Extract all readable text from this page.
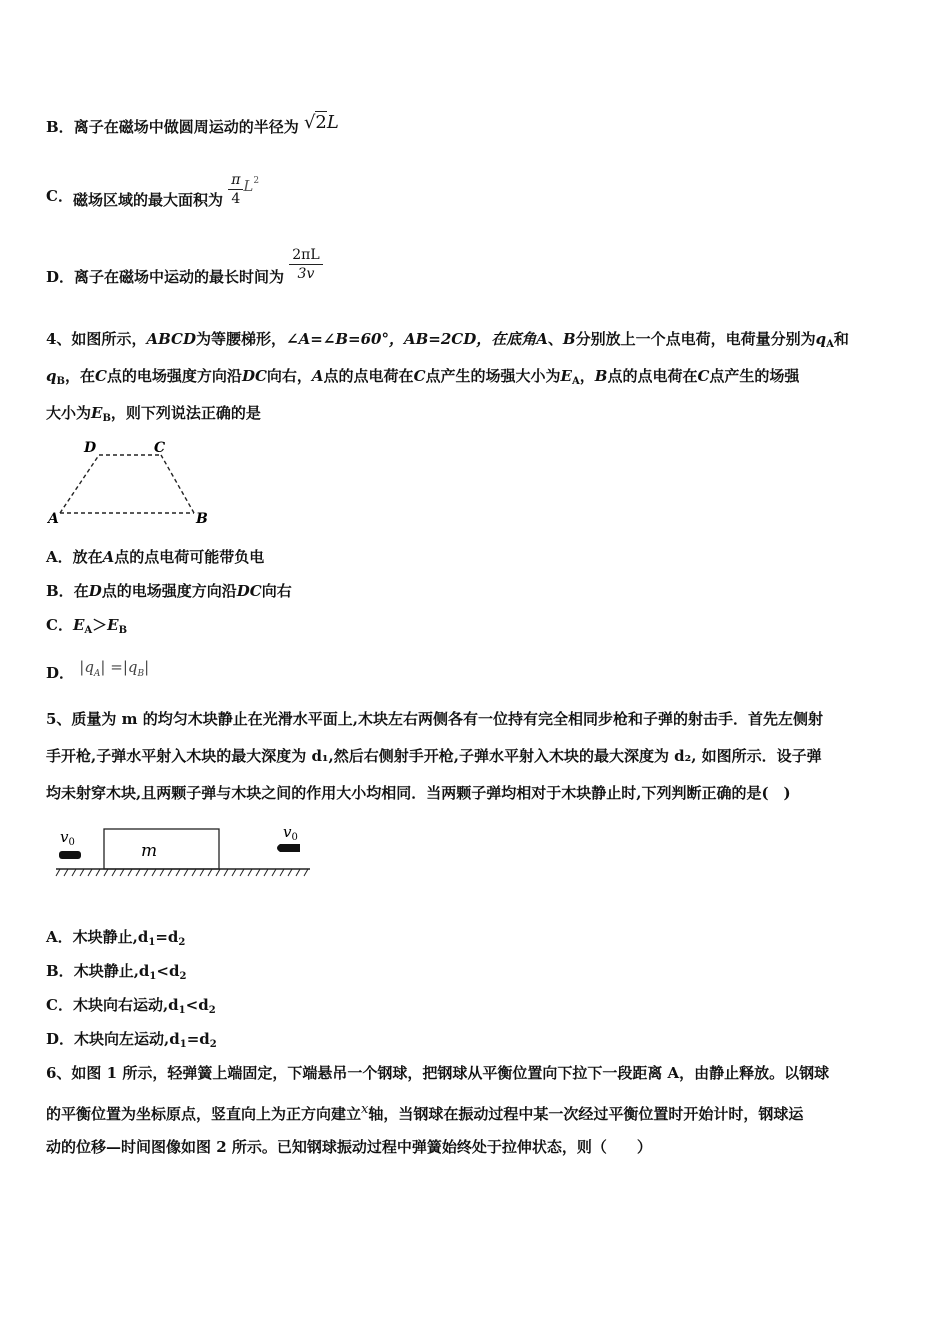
B．离子在磁场中做圆周运动的半径为 √2L
C．磁场区域的最大面积为 $\frac{\pi}{4} L^2$
D．离子在磁场中运动的最长时间为 $\frac{2\pi L}{3v}$
4、如图所示，ABCD为等腰梯形，∠A=∠B=60°，AB=2CD，在底角A、B分别放上一个点电荷，电荷量分别为$q_A$和
$q_B$，在C点的电场强度方向沿DC向右，A点的点电荷在C点产生的场强大小为$E_A$，B点的点电荷在C点产生的场强
大小为$E_B$，则下列说法正确的是
D	C
A	B
A．放在A点的点电荷可能带负电
B．在D点的电场强度方向沿DC向右
C．$E_A>E_B$
D． $|q_A| =|q_B|$
5、质量为 m 的均匀木块静止在光滑水平面上,木块左右两侧各有一位持有完全相同步枪和子弹的射击手．首先左侧射
手开枪,子弹水平射入木块的最大深度为 d₁,然后右侧射手开枪,子弹水平射入木块的最大深度为 d₂, 如图所示．设子弹
均未射穿木块,且两颗子弹与木块之间的作用大小均相同．当两颗子弹均相对于木块静止时,下列判断正确的是(　)
m
$v_0$
$v_0$
A．木块静止$,d_1=d_2$
B．木块静止$,d_1<d_2$
C．木块向右运动$,d_1<d_2$
D．木块向左运动$,d_1=d_2$
6、如图 1 所示，轻弹簧上端固定，下端悬吊一个钢球，把钢球从平衡位置向下拉下一段距离 A，由静止释放。以钢球
的平衡位置为坐标原点，竖直向上为正方向建立x轴，当钢球在振动过程中某一次经过平衡位置时开始计时，钢球运
动的位移—时间图像如图 2 所示。已知钢球振动过程中弹簧始终处于拉伸状态，则（　　）
